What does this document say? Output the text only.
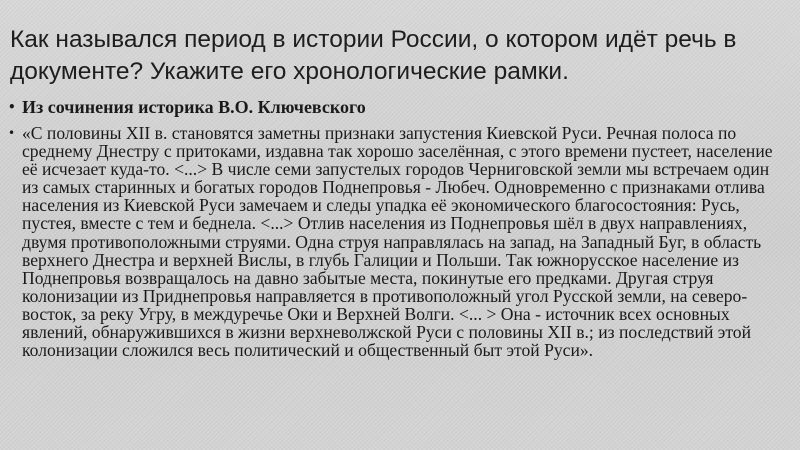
Как назывался период в истории России, о котором идёт речь в документе? Укажите его хронологические рамки.
• Из сочинения историка В.О. Ключевского
• «С половины XII в. становятся заметны признаки запустения Киевской Руси. Речная полоса по среднему Днестру с притоками, издавна так хорошо заселённая, с этого времени пустеет, население её исчезает куда-то. <...> В числе семи запустелых городов Черниговской земли мы встречаем один из самых старинных и богатых городов Поднепровья - Любеч. Одновременно с признаками отлива населения из Киевской Руси замечаем и следы упадка её экономического благосостояния: Русь, пустея, вместе с тем и беднела. <...> Отлив населения из Поднепровья шёл в двух направлениях, двумя противоположными струями. Одна струя направлялась на запад, на Западный Буг, в область верхнего Днестра и верхней Вислы, в глубь Галиции и Польши. Так южнорусское население из Поднепровья возвращалось на давно забытые места, покинутые его предками. Другая струя колонизации из Приднепровья направляется в противоположный угол Русской земли, на северо-восток, за реку Угру, в междуречье Оки и Верхней Волги. <... > Она - источник всех основных явлений, обнаружившихся в жизни верхневолжской Руси с половины XII в.; из последствий этой колонизации сложился весь политический и общественный быт этой Руси».
